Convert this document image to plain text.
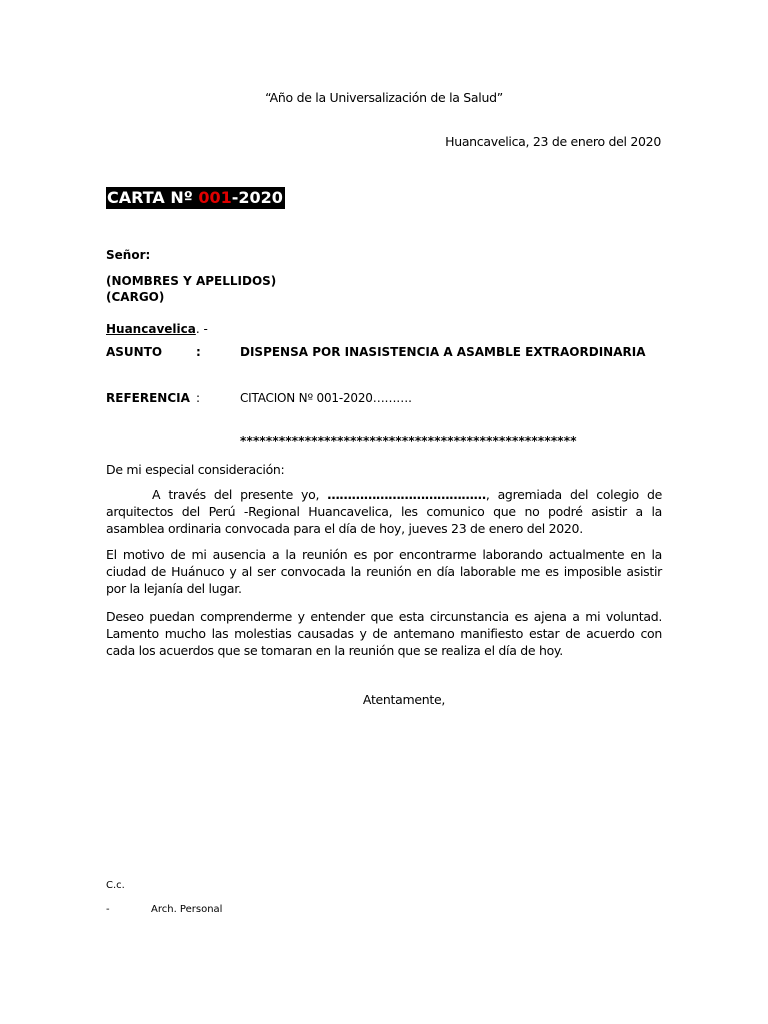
“Año de la Universalización de la Salud”
Huancavelica, 23 de enero del 2020
CARTA Nº 001-2020
Señor:
(NOMBRES Y APELLIDOS)
(CARGO)
Huancavelica. -
ASUNTO	:	DISPENSA POR INASISTENCIA A ASAMBLE EXTRAORDINARIA
REFERENCIA :	CITACION Nº 001-2020……….
****************************************************
De mi especial consideración:
A través del presente yo, …………………………………, agremiada del colegio de arquitectos del Perú -Regional Huancavelica, les comunico que no podré asistir a la asamblea ordinaria convocada para el día de hoy, jueves 23 de enero del 2020.
El motivo de mi ausencia a la reunión es por encontrarme laborando actualmente en la ciudad de Huánuco y al ser convocada la reunión en día laborable me es imposible asistir por la lejanía del lugar.
Deseo puedan comprenderme y entender que esta circunstancia es ajena a mi voluntad. Lamento mucho las molestias causadas y de antemano manifiesto estar de acuerdo con cada los acuerdos que se tomaran en la reunión que se realiza el día de hoy.
Atentamente,
C.c.
-	Arch. Personal
